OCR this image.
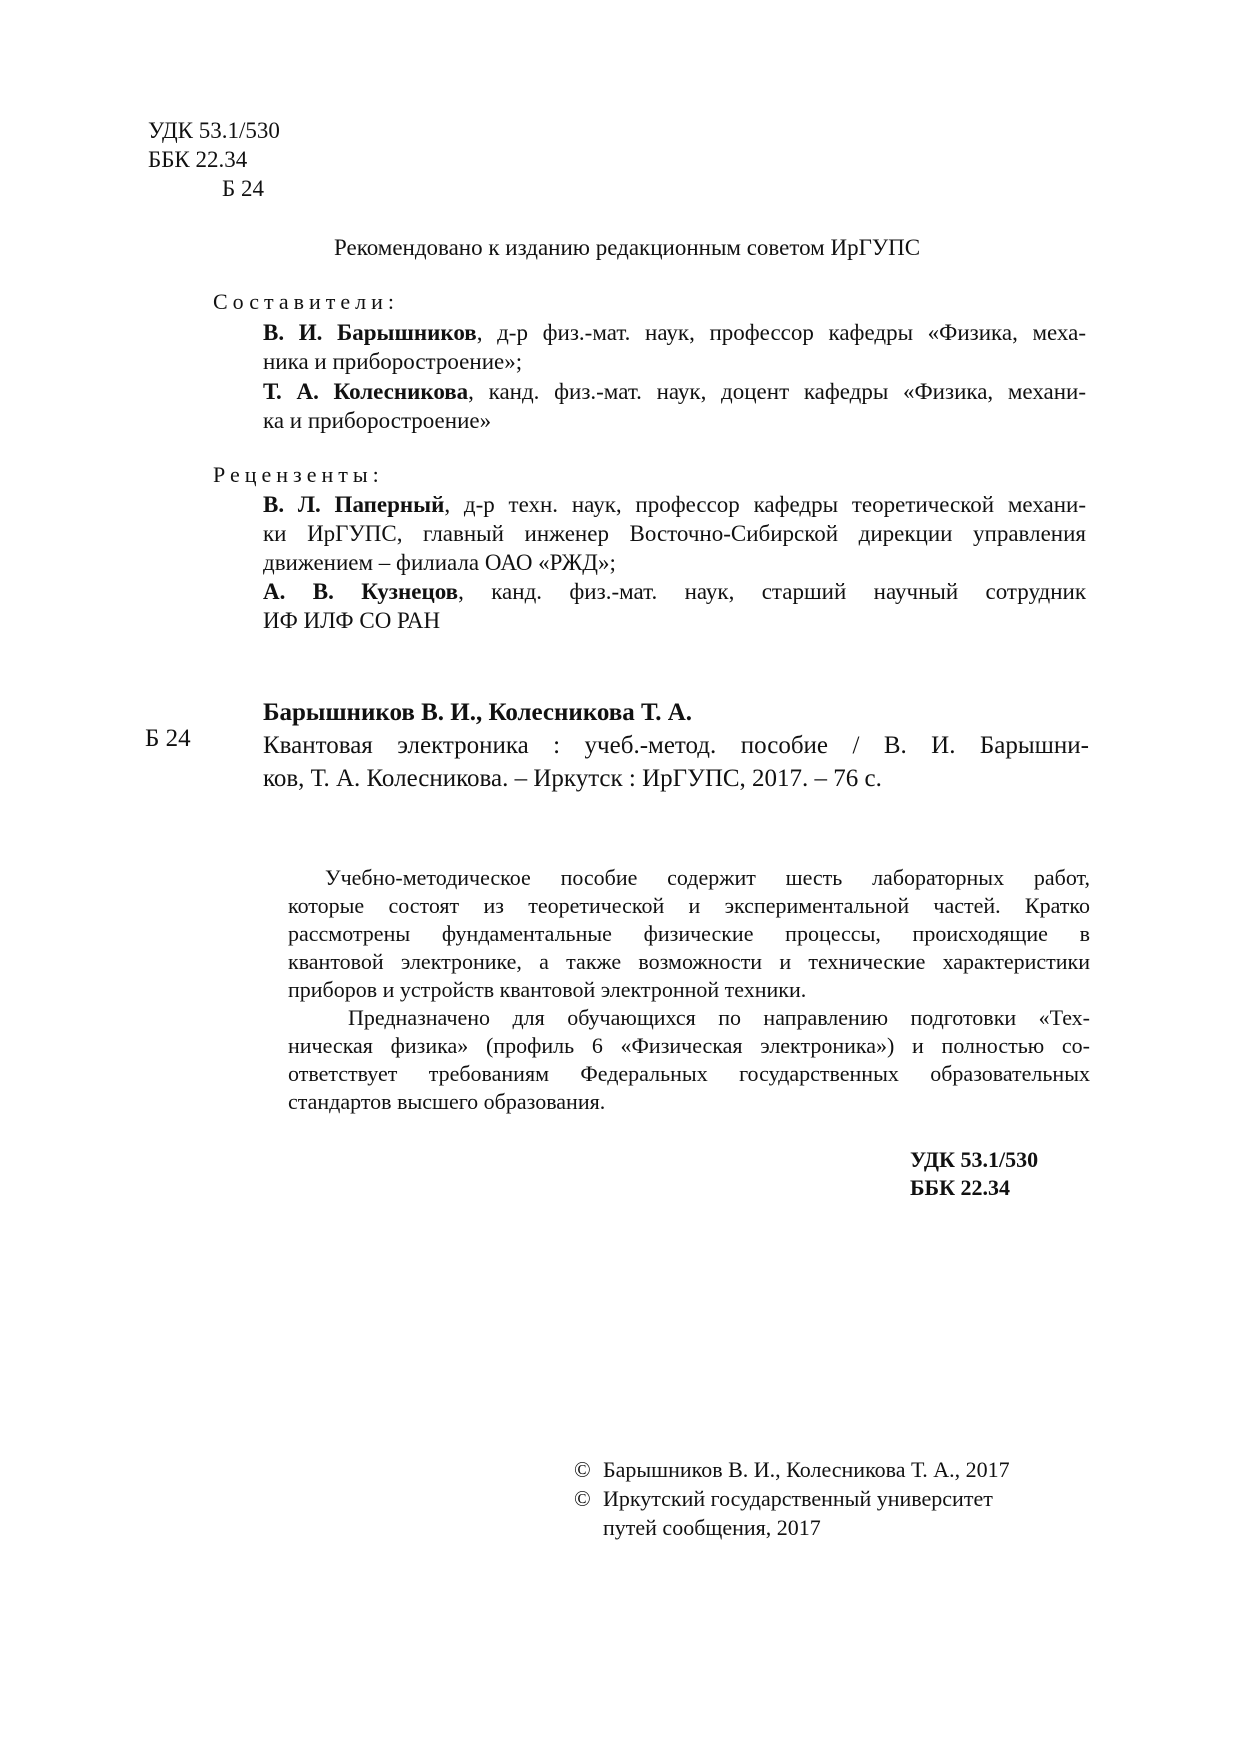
УДК 53.1/530
ББК 22.34
Б 24
Рекомендовано к изданию редакционным советом ИрГУПС
Составители:
В. И. Барышников, д-р физ.-мат. наук, профессор кафедры «Физика, меха-
ника и приборостроение»;
Т. А. Колесникова, канд. физ.-мат. наук, доцент кафедры «Физика, механи-
ка и приборостроение»
Рецензенты:
В. Л. Паперный, д-р техн. наук, профессор кафедры теоретической механи-
ки ИрГУПС, главный инженер Восточно-Сибирской дирекции управления
движением – филиала ОАО «РЖД»;
А. В. Кузнецов, канд. физ.-мат. наук, старший научный сотрудник
ИФ ИЛФ СО РАН
Б 24
Барышников В. И., Колесникова Т. А.
Квантовая электроника : учеб.-метод. пособие / В. И. Барышни-
ков, Т. А. Колесникова. – Иркутск : ИрГУПС, 2017. – 76 с.
Учебно-методическое пособие содержит шесть лабораторных работ,
которые состоят из теоретической и экспериментальной частей. Кратко
рассмотрены фундаментальные физические процессы, происходящие в
квантовой электронике, а также возможности и технические характеристики
приборов и устройств квантовой электронной техники.
Предназначено для обучающихся по направлению подготовки «Тех-
ническая физика» (профиль 6 «Физическая электроника») и полностью со-
ответствует требованиям Федеральных государственных образовательных
стандартов высшего образования.
УДК 53.1/530
ББК 22.34
© Барышников В. И., Колесникова Т. А., 2017
© Иркутский государственный университет
путей сообщения, 2017
